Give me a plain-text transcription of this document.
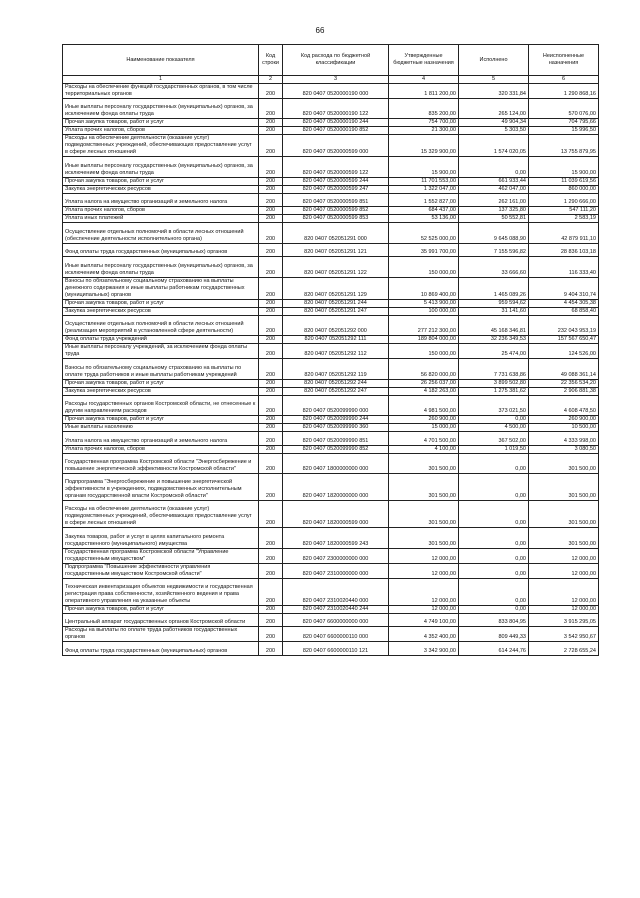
66
Наименование показателя	Код строки	Код расхода по бюджетной классификации	Утвержденные бюджетные назначения	Исполнено	Неисполненные назначения
1	2	3	4	5	6
Расходы на обеспечение функций государственных органов, в том числе территориальных органов	200	820 0407 0520000190 000	1 811 200,00	320 331,84	1 290 868,16
Иные выплаты персоналу государственных (муниципальных) органов, за исключением фонда оплаты труда	200	820 0407 0520000190 122	835 200,00	265 124,00	570 076,00
Прочая закупка товаров, работ и услуг	200	820 0407 0520000190 244	754 700,00	49 904,34	704 795,66
Уплата прочих налогов, сборов	200	820 0407 0520000190 852	21 300,00	5 303,50	15 996,50
Расходы на обеспечение деятельности (оказание услуг) подведомственных учреждений, обеспечивающих предоставление услуг в сфере лесных отношений	200	820 0407 0520000599 000	15 329 900,00	1 574 020,05	13 755 879,95
Иные выплаты персоналу государственных (муниципальных) органов, за исключением фонда оплаты труда	200	820 0407 0520000599 122	15 900,00	0,00	15 900,00
Прочая закупка товаров, работ и услуг	200	820 0407 0520000599 244	11 701 553,00	661 933,44	11 039 619,56
Закупка энергетических ресурсов	200	820 0407 0520000599 247	1 322 047,00	462 047,00	860 000,00
Уплата налога на имущество организаций и земельного налога	200	820 0407 0520000599 851	1 552 827,00	262 161,00	1 290 666,00
Уплата прочих налогов, сборов	200	820 0407 0520000599 852	684 437,00	137 325,80	547 111,20
Уплата иных платежей	200	820 0407 0520000599 853	53 136,00	50 552,81	2 583,19
Осуществление отдельных полномочий в области лесных отношений (обеспечение деятельности исполнительного органа)	200	820 0407 052051291 000	52 525 000,00	9 645 088,90	42 879 911,10
Фонд оплаты труда государственных (муниципальных) органов	200	820 0407 052051291 121	35 991 700,00	7 155 596,82	28 836 103,18
Иные выплаты персоналу государственных (муниципальных) органов, за исключением фонда оплаты труда	200	820 0407 052051291 122	150 000,00	33 666,60	116 333,40
Взносы по обязательному социальному страхованию на выплаты денежного содержания и иные выплаты работникам государственных (муниципальных) органов	200	820 0407 052051291 129	10 869 400,00	1 465 089,26	9 404 310,74
Прочая закупка товаров, работ и услуг	200	820 0407 052051291 244	5 413 900,00	959 594,62	4 454 305,38
Закупка энергетических ресурсов	200	820 0407 052051291 247	100 000,00	31 141,60	68 858,40
Осуществление отдельных полномочий в области лесных отношений (реализация мероприятий в установленной сфере деятельности)	200	820 0407 052051292 000	277 212 300,00	45 168 346,81	232 043 953,19
Фонд оплаты труда учреждений	200	820 0407 052051292 111	189 804 000,00	32 236 349,53	157 567 650,47
Иные выплаты персоналу учреждений, за исключением фонда оплаты труда	200	820 0407 052051292 112	150 000,00	25 474,00	124 526,00
Взносы по обязательному социальному страхованию на выплаты по оплате труда работников и иные выплаты работникам учреждений	200	820 0407 052051292 119	56 820 000,00	7 731 638,86	49 088 361,14
Прочая закупка товаров, работ и услуг	200	820 0407 052051292 244	26 256 037,00	3 899 502,80	22 356 534,20
Закупка энергетических ресурсов	200	820 0407 052051292 247	4 182 263,00	1 275 381,62	2 906 881,38
Расходы государственных органов Костромской области, не отнесенные к другим направлениям расходов	200	820 0407 0520099990 000	4 981 500,00	373 021,50	4 608 478,50
Прочая закупка товаров, работ и услуг	200	820 0407 0520099990 244	260 900,00	0,00	260 900,00
Иные выплаты населению	200	820 0407 0520099990 360	15 000,00	4 500,00	10 500,00
Уплата налога на имущество организаций и земельного налога	200	820 0407 0520099990 851	4 701 500,00	367 502,00	4 333 998,00
Уплата прочих налогов, сборов	200	820 0407 0520099990 852	4 100,00	1 019,50	3 080,50
Государственная программа Костромской области "Энергосбережение и повышение энергетической эффективности Костромской области"	200	820 0407 1800000000 000	301 500,00	0,00	301 500,00
Подпрограмма "Энергосбережение и повышение энергетической эффективности в учреждениях, подведомственных исполнительным органам государственной власти Костромской области"	200	820 0407 1820000000 000	301 500,00	0,00	301 500,00
Расходы на обеспечение деятельности (оказание услуг) подведомственных учреждений, обеспечивающих предоставление услуг в сфере лесных отношений	200	820 0407 1820000599 000	301 500,00	0,00	301 500,00
Закупка товаров, работ и услуг в целях капитального ремонта государственного (муниципального) имущества	200	820 0407 1820000599 243	301 500,00	0,00	301 500,00
Государственная программа Костромской области "Управление государственным имуществом"	200	820 0407 2300000000 000	12 000,00	0,00	12 000,00
Подпрограмма "Повышение эффективности управления государственным имуществом Костромской области"	200	820 0407 2310000000 000	12 000,00	0,00	12 000,00
Техническая инвентаризация объектов недвижимости и государственная регистрация права собственности, хозяйственного ведения и права оперативного управления на указанные объекты	200	820 0407 2310020440 000	12 000,00	0,00	12 000,00
Прочая закупка товаров, работ и услуг	200	820 0407 2310020440 244	12 000,00	0,00	12 000,00
Центральный аппарат государственных органов Костромской области	200	820 0407 6600000000 000	4 749 100,00	833 804,95	3 915 295,05
Расходы на выплаты по оплате труда работников государственных органов	200	820 0407 6600000110 000	4 352 400,00	809 449,33	3 542 950,67
Фонд оплаты труда государственных (муниципальных) органов	200	820 0407 6600000110 121	3 342 900,00	614 244,76	2 728 655,24
